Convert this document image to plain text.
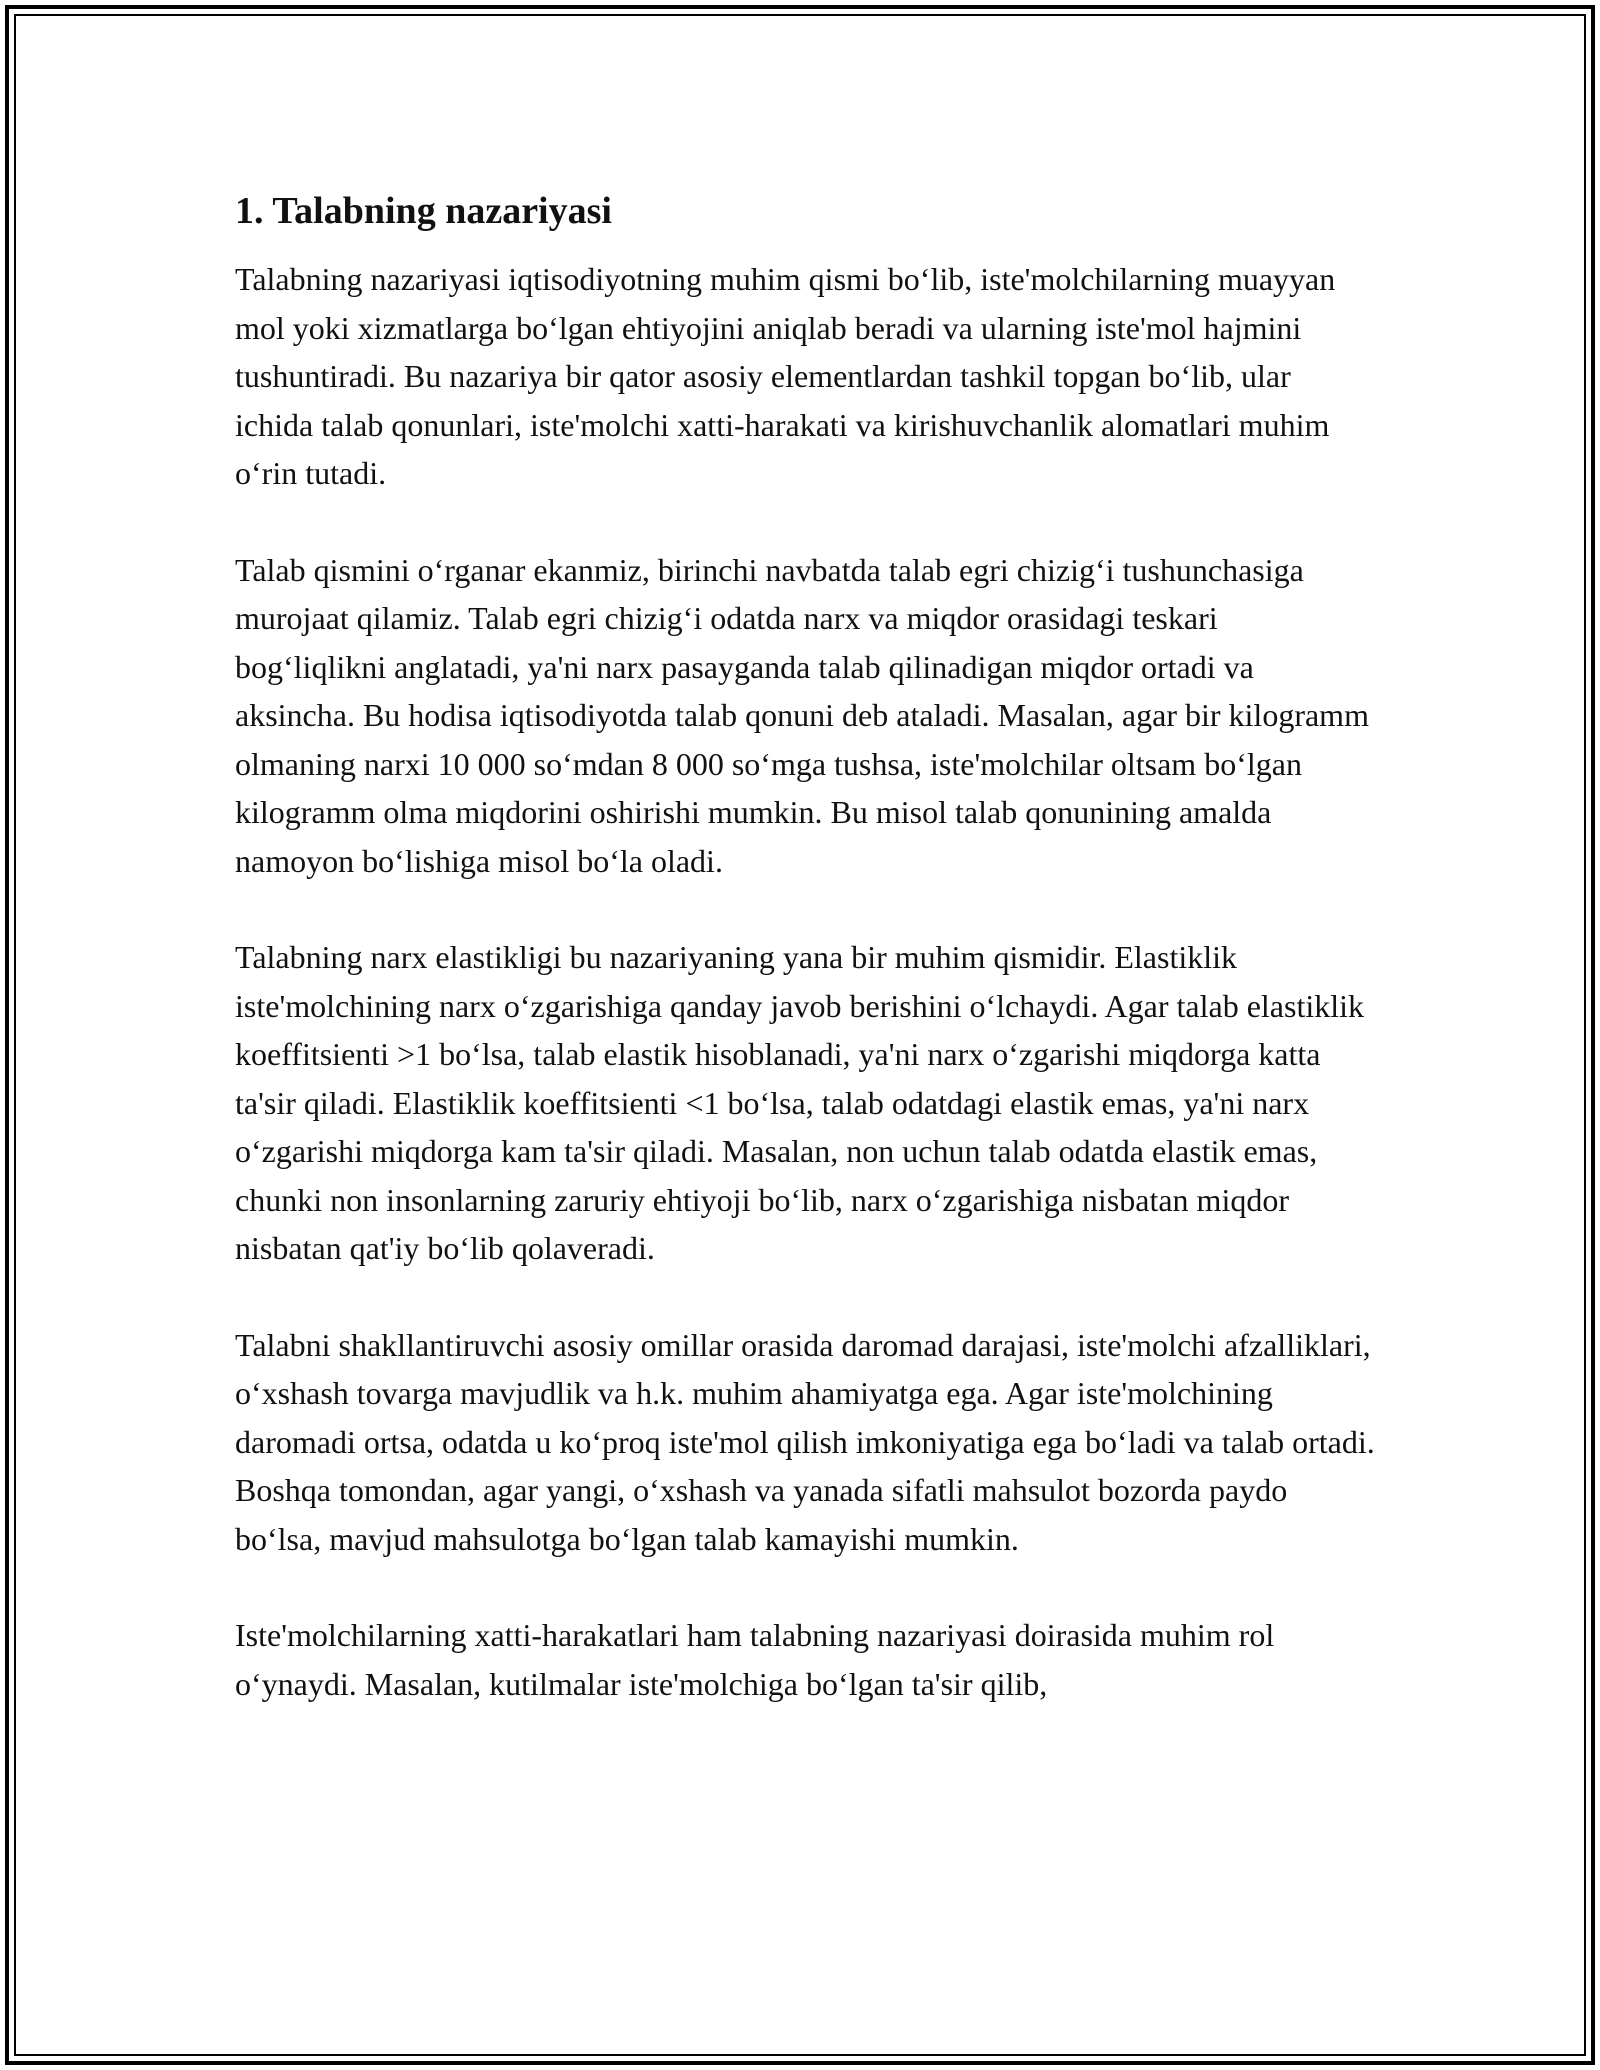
1. Talabning nazariyasi

Talabning nazariyasi iqtisodiyotning muhim qismi bo‘lib, iste'molchilarning muayyan mol yoki xizmatlarga bo‘lgan ehtiyojini aniqlab beradi va ularning iste'mol hajmini tushuntiradi. Bu nazariya bir qator asosiy elementlardan tashkil topgan bo‘lib, ular ichida talab qonunlari, iste'molchi xatti-harakati va kirishuvchanlik alomatlari muhim o‘rin tutadi.

Talab qismini o‘rganar ekanmiz, birinchi navbatda talab egri chizig‘i tushunchasiga murojaat qilamiz. Talab egri chizig‘i odatda narx va miqdor orasidagi teskari bog‘liqlikni anglatadi, ya'ni narx pasayganda talab qilinadigan miqdor ortadi va aksincha. Bu hodisa iqtisodiyotda talab qonuni deb ataladi. Masalan, agar bir kilogramm olmaning narxi 10 000 so‘mdan 8 000 so‘mga tushsa, iste'molchilar oltsam bo‘lgan kilogramm olma miqdorini oshirishi mumkin. Bu misol talab qonunining amalda namoyon bo‘lishiga misol bo‘la oladi.

Talabning narx elastikligi bu nazariyaning yana bir muhim qismidir. Elastiklik iste'molchining narx o‘zgarishiga qanday javob berishini o‘lchaydi. Agar talab elastiklik koeffitsienti >1 bo‘lsa, talab elastik hisoblanadi, ya'ni narx o‘zgarishi miqdorga katta ta'sir qiladi. Elastiklik koeffitsienti <1 bo‘lsa, talab odatdagi elastik emas, ya'ni narx o‘zgarishi miqdorga kam ta'sir qiladi. Masalan, non uchun talab odatda elastik emas, chunki non insonlarning zaruriy ehtiyoji bo‘lib, narx o‘zgarishiga nisbatan miqdor nisbatan qat'iy bo‘lib qolaveradi.

Talabni shakllantiruvchi asosiy omillar orasida daromad darajasi, iste'molchi afzalliklari, o‘xshash tovarga mavjudlik va h.k. muhim ahamiyatga ega. Agar iste'molchining daromadi ortsa, odatda u ko‘proq iste'mol qilish imkoniyatiga ega bo‘ladi va talab ortadi. Boshqa tomondan, agar yangi, o‘xshash va yanada sifatli mahsulot bozorda paydo bo‘lsa, mavjud mahsulotga bo‘lgan talab kamayishi mumkin.

Iste'molchilarning xatti-harakatlari ham talabning nazariyasi doirasida muhim rol o‘ynaydi. Masalan, kutilmalar iste'molchiga bo‘lgan ta'sir qilib,
